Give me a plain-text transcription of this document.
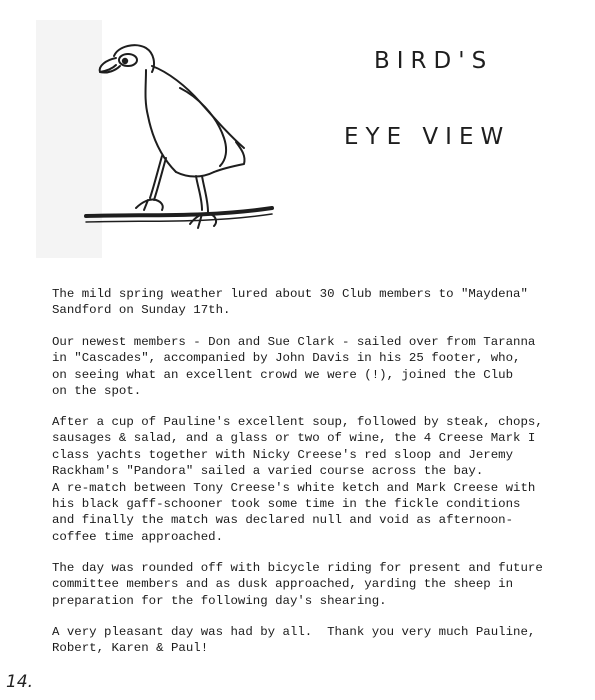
BIRD'S
EYE VIEW

The mild spring weather lured about 30 Club members to "Maydena"
Sandford on Sunday 17th.

Our newest members - Don and Sue Clark - sailed over from Taranna
in "Cascades", accompanied by John Davis in his 25 footer, who,
on seeing what an excellent crowd we were (!), joined the Club
on the spot.

After a cup of Pauline's excellent soup, followed by steak, chops,
sausages & salad, and a glass or two of wine, the 4 Creese Mark I
class yachts together with Nicky Creese's red sloop and Jeremy
Rackham's "Pandora" sailed a varied course across the bay.
A re-match between Tony Creese's white ketch and Mark Creese with
his black gaff-schooner took some time in the fickle conditions
and finally the match was declared null and void as afternoon-
coffee time approached.

The day was rounded off with bicycle riding for present and future
committee members and as dusk approached, yarding the sheep in
preparation for the following day's shearing.

A very pleasant day was had by all.  Thank you very much Pauline,
Robert, Karen & Paul!

14.
